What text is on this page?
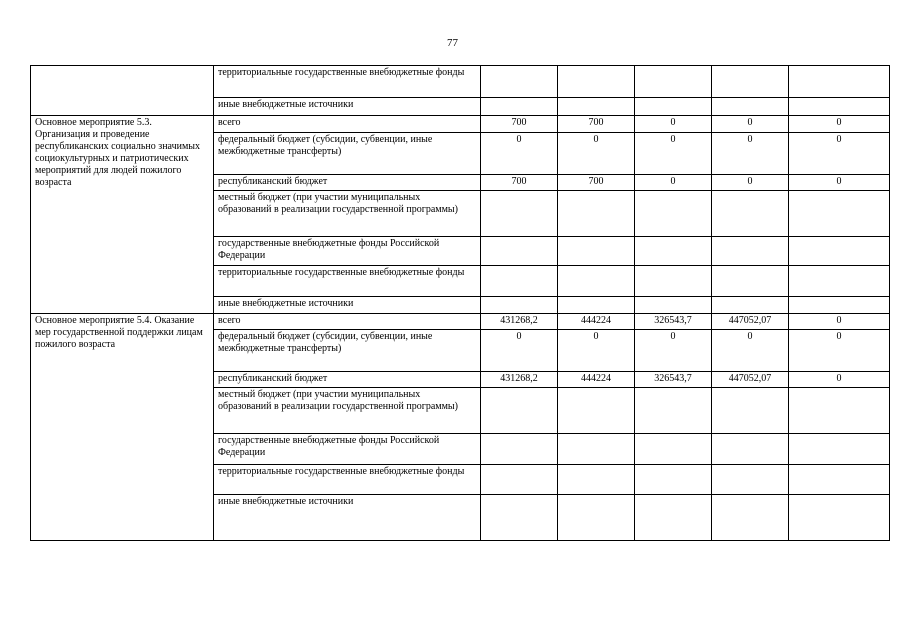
77
	территориальные государственные внебюджетные фонды					
	иные внебюджетные источники					
Основное мероприятие 5.3. Организация и проведение республиканских социально значимых социокультурных и патриотических мероприятий для людей пожилого возраста	всего	700	700	0	0	0
	федеральный бюджет (субсидии, субвенции, иные межбюджетные трансферты)	0	0	0	0	0
	республиканский бюджет	700	700	0	0	0
	местный бюджет (при участии муниципальных образований в реализации государственной программы)					
	государственные внебюджетные фонды Российской Федерации					
	территориальные государственные внебюджетные фонды					
	иные внебюджетные источники					
Основное мероприятие 5.4. Оказание мер государственной поддержки лицам пожилого возраста	всего	431268,2	444224	326543,7	447052,07	0
	федеральный бюджет (субсидии, субвенции, иные межбюджетные трансферты)	0	0	0	0	0
	республиканский бюджет	431268,2	444224	326543,7	447052,07	0
	местный бюджет (при участии муниципальных образований в реализации государственной программы)					
	государственные внебюджетные фонды Российской Федерации					
	территориальные государственные внебюджетные фонды					
	иные внебюджетные источники					
